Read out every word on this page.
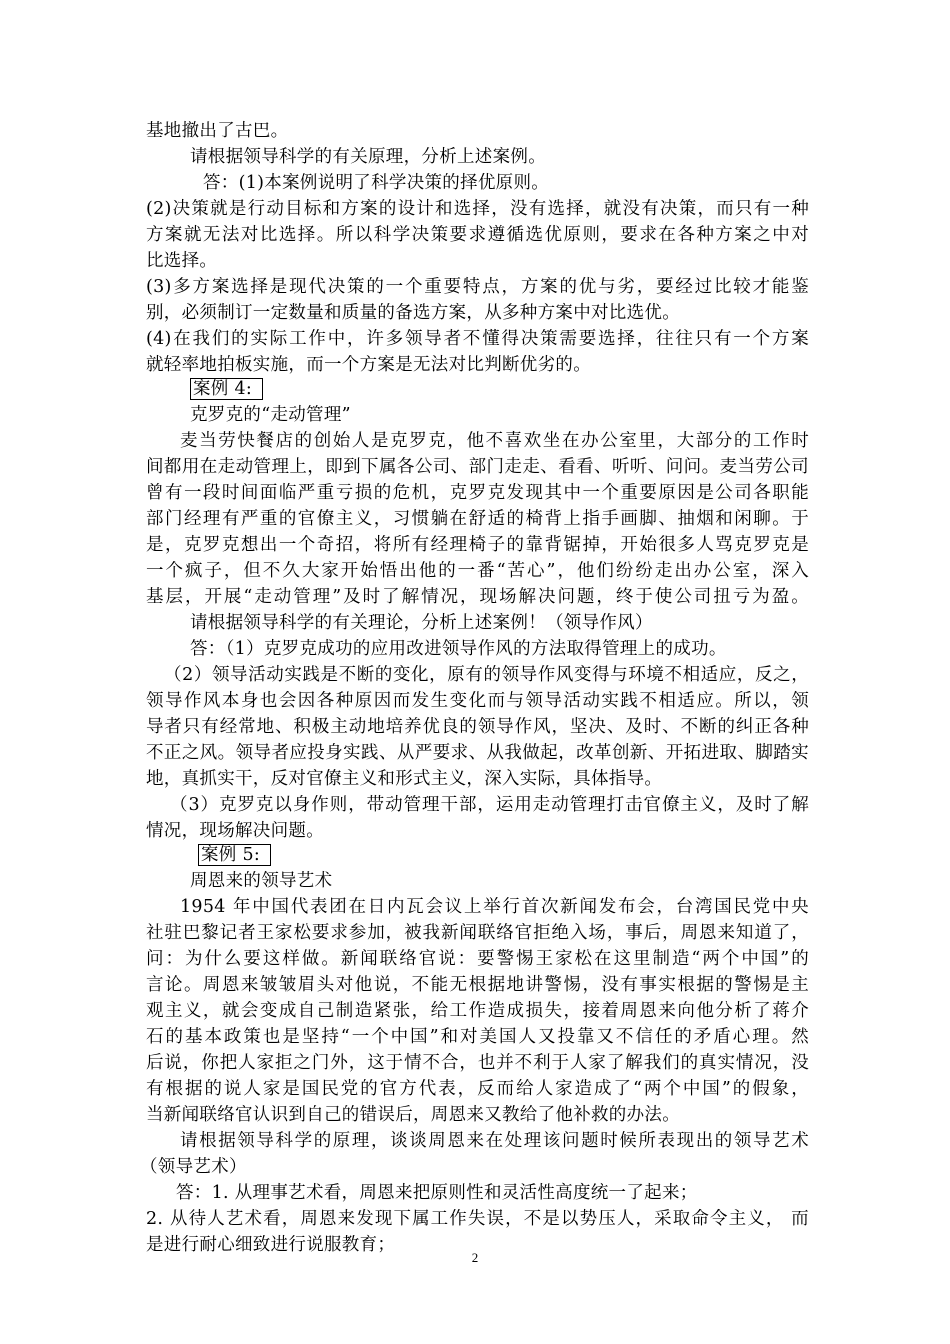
基地撤出了古巴。
请根据领导科学的有关原理，分析上述案例。
答：(1)本案例说明了科学决策的择优原则。
(2)决策就是行动目标和方案的设计和选择，没有选择，就没有决策，而只有一种
方案就无法对比选择。所以科学决策要求遵循选优原则，要求在各种方案之中对
比选择。
(3)多方案选择是现代决策的一个重要特点，方案的优与劣，要经过比较才能鉴
别，必须制订一定数量和质量的备选方案，从多种方案中对比选优。
(4)在我们的实际工作中，许多领导者不懂得决策需要选择，往往只有一个方案
就轻率地拍板实施，而一个方案是无法对比判断优劣的。
案例 4:
克罗克的“走动管理”
麦当劳快餐店的创始人是克罗克，他不喜欢坐在办公室里，大部分的工作时
间都用在走动管理上，即到下属各公司、部门走走、看看、听听、问问。麦当劳公司
曾有一段时间面临严重亏损的危机，克罗克发现其中一个重要原因是公司各职能
部门经理有严重的官僚主义，习惯躺在舒适的椅背上指手画脚、抽烟和闲聊。于
是，克罗克想出一个奇招，将所有经理椅子的靠背锯掉，开始很多人骂克罗克是
一个疯子，但不久大家开始悟出他的一番“苦心”，他们纷纷走出办公室，深入
基层，开展“走动管理”及时了解情况，现场解决问题，终于使公司扭亏为盈。
请根据领导科学的有关理论，分析上述案例！（领导作风）
答：（1）克罗克成功的应用改进领导作风的方法取得管理上的成功。
（2）领导活动实践是不断的变化，原有的领导作风变得与环境不相适应，反之，
领导作风本身也会因各种原因而发生变化而与领导活动实践不相适应。所以，领
导者只有经常地、积极主动地培养优良的领导作风，坚决、及时、不断的纠正各种
不正之风。领导者应投身实践、从严要求、从我做起，改革创新、开拓进取、脚踏实
地，真抓实干，反对官僚主义和形式主义，深入实际，具体指导。
（3）克罗克以身作则，带动管理干部，运用走动管理打击官僚主义，及时了解
情况，现场解决问题。
案例 5:
周恩来的领导艺术
1954 年中国代表团在日内瓦会议上举行首次新闻发布会，台湾国民党中央
社驻巴黎记者王家松要求参加，被我新闻联络官拒绝入场，事后，周恩来知道了，
问：为什么要这样做。新闻联络官说：要警惕王家松在这里制造“两个中国”的
言论。周恩来皱皱眉头对他说，不能无根据地讲警惕，没有事实根据的警惕是主
观主义，就会变成自己制造紧张，给工作造成损失，接着周恩来向他分析了蒋介
石的基本政策也是坚持“一个中国”和对美国人又投靠又不信任的矛盾心理。然
后说，你把人家拒之门外，这于情不合，也并不利于人家了解我们的真实情况，没
有根据的说人家是国民党的官方代表，反而给人家造成了“两个中国”的假象，
当新闻联络官认识到自己的错误后，周恩来又教给了他补救的办法。
请根据领导科学的原理，谈谈周恩来在处理该问题时候所表现出的领导艺术
（领导艺术）
答：1. 从理事艺术看，周恩来把原则性和灵活性高度统一了起来；
2. 从待人艺术看，周恩来发现下属工作失误，不是以势压人，采取命令主义， 而
是进行耐心细致进行说服教育；
2
